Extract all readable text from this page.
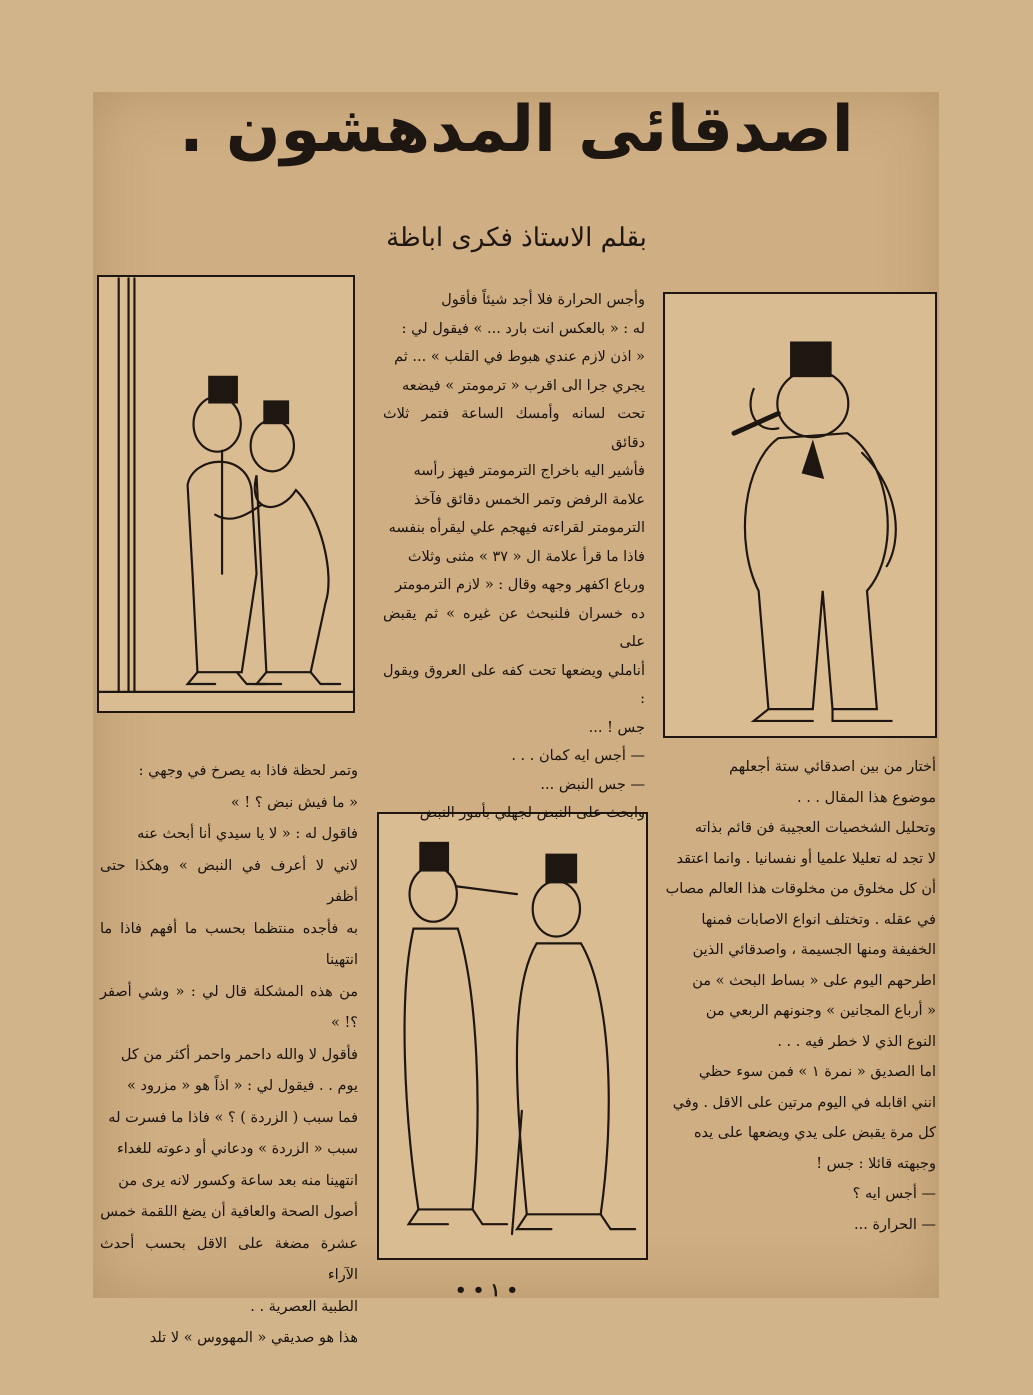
اصدقائى المدهشون .
بقلم الاستاذ فكرى اباظة

وأجس الحرارة فلا أجد شيئاً فأقول

له : « بالعكس انت بارد ... » فيقول لي :

« اذن لازم عندي هبوط في القلب » ... ثم

يجري جرا الى اقرب « ترمومتر » فيضعه

تحت لسانه وأمسك الساعة فتمر ثلاث دقائق

فأشير اليه باخراج الترمومتر فيهز رأسه

علامة الرفض وتمر الخمس دقائق فآخذ

الترمومتر لقراءته فيهجم علي ليقرأه بنفسه

فاذا ما قرأ علامة ال « ٣٧ » مثنى وثلاث

ورباع اكفهر وجهه وقال : « لازم الترمومتر

ده خسران فلنبحث عن غيره » ثم يقبض على

أناملي ويضعها تحت كفه على العروق ويقول :

جس ! ...

— أجس ايه كمان . . .

— جس النبض ...

وابحث على النبض لجهلي بأمور النبض

أختار من بين اصدقائي ستة أجعلهم

موضوع هذا المقال . . .

وتحليل الشخصيات العجيبة فن قائم بذاته

لا تجد له تعليلا علميا أو نفسانيا . وانما اعتقد

أن كل مخلوق من مخلوقات هذا العالم مصاب

في عقله . وتختلف انواع الاصابات فمنها

الخفيفة ومنها الجسيمة ، واصدقائي الذين

اطرحهم اليوم على « بساط البحث » من

« أرباع المجانين » وجنونهم الربعي من

النوع الذي لا خطر فيه . . .

اما الصديق « نمرة ١ » فمن سوء حظي

انني اقابله في اليوم مرتين على الاقل . وفي

كل مرة يقبض على يدي ويضعها على يده

وجبهته قائلا : جس !

— أجس ايه ؟

— الحرارة ...

وتمر لحظة فاذا به يصرخ في وجهي :

« ما فيش نبض ؟ ! »

فاقول له : « لا يا سيدي أنا أبحث عنه

لاني لا أعرف في النبض » وهكذا حتى أظفر

به فأجده منتظما بحسب ما أفهم فاذا ما انتهينا

من هذه المشكلة قال لي : « وشي أصفر ؟! »

فأقول لا والله داحمر واحمر أكثر من كل

يوم . . فيقول لي : « اذاً هو « مزرود »

فما سبب ( الزردة ) ؟ » فاذا ما فسرت له

سبب « الزردة » ودعاني أو دعوته للغداء

انتهينا منه بعد ساعة وكسور لانه يرى من

أصول الصحة والعافية أن يضغ اللقمة خمس

عشرة مضغة على الاقل بحسب أحدث الآراء

الطبية العصرية . .

هذا هو صديقي « المهووس » لا تلد

• • ١ •
